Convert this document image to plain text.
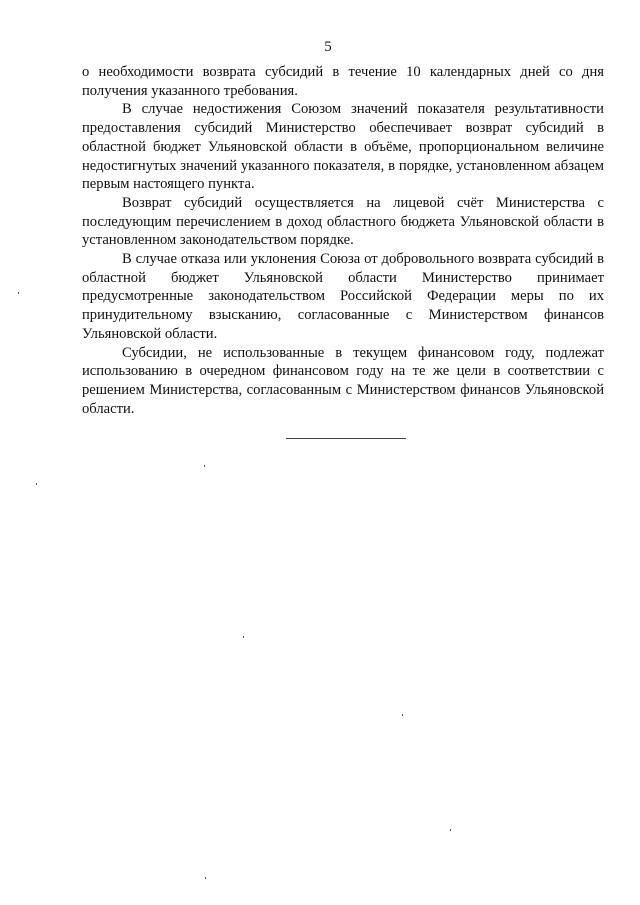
5

о необходимости возврата субсидий в течение 10 календарных дней со дня получения указанного требования.

В случае недостижения Союзом значений показателя результативности предоставления субсидий Министерство обеспечивает возврат субсидий в областной бюджет Ульяновской области в объёме, пропорциональном величине недостигнутых значений указанного показателя, в порядке, установленном абзацем первым настоящего пункта.

Возврат субсидий осуществляется на лицевой счёт Министерства с последующим перечислением в доход областного бюджета Ульяновской области в установленном законодательством порядке.

В случае отказа или уклонения Союза от добровольного возврата субсидий в областной бюджет Ульяновской области Министерство принимает предусмотренные законодательством Российской Федерации меры по их принудительному взысканию, согласованные с Министерством финансов Ульяновской области.

Субсидии, не использованные в текущем финансовом году, подлежат использованию в очередном финансовом году на те же цели в соответствии с решением Министерства, согласованным с Министерством финансов Ульяновской области.
